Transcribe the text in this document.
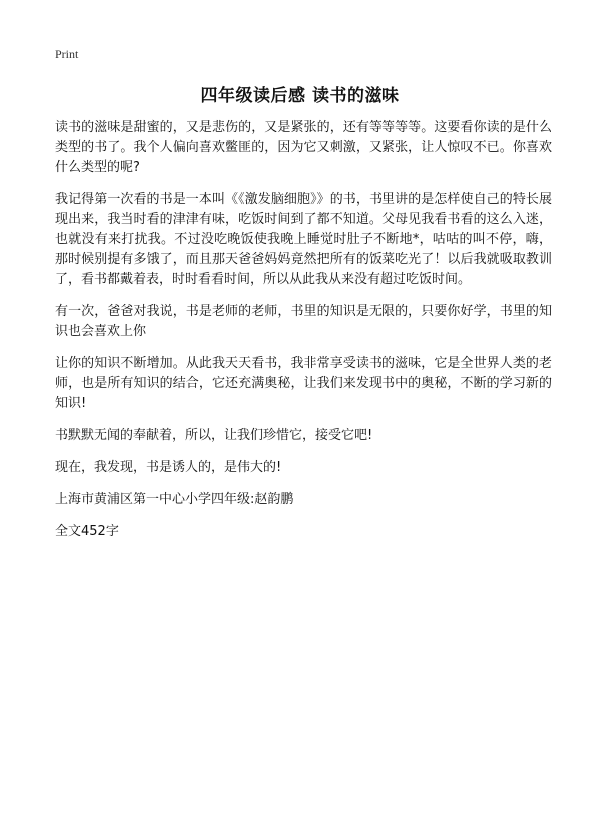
Print
四年级读后感 读书的滋味

读书的滋味是甜蜜的，又是悲伤的，又是紧张的，还有等等等等。这要看你读的是什么类型的书了。我个人偏向喜欢鳖匪的，因为它又刺激，又紧张，让人惊叹不已。你喜欢什么类型的呢?

我记得第一次看的书是一本叫《《激发脑细胞》》的书，书里讲的是怎样使自己的特长展现出来，我当时看的津津有味，吃饭时间到了都不知道。父母见我看书看的这么入迷，也就没有来打扰我。不过没吃晚饭使我晚上睡觉时肚子不断地*，咕咕的叫不停，嗨，那时候别提有多饿了，而且那天爸爸妈妈竟然把所有的饭菜吃光了！以后我就吸取教训了，看书都戴着表，时时看看时间，所以从此我从来没有超过吃饭时间。

有一次，爸爸对我说，书是老师的老师，书里的知识是无限的，只要你好学，书里的知识也会喜欢上你

让你的知识不断增加。从此我天天看书，我非常享受读书的滋味，它是全世界人类的老师，也是所有知识的结合，它还充满奥秘，让我们来发现书中的奥秘，不断的学习新的知识!

书默默无闻的奉献着，所以，让我们珍惜它，接受它吧!

现在，我发现，书是诱人的，是伟大的!

上海市黄浦区第一中心小学四年级:赵韵鹏

全文452字
